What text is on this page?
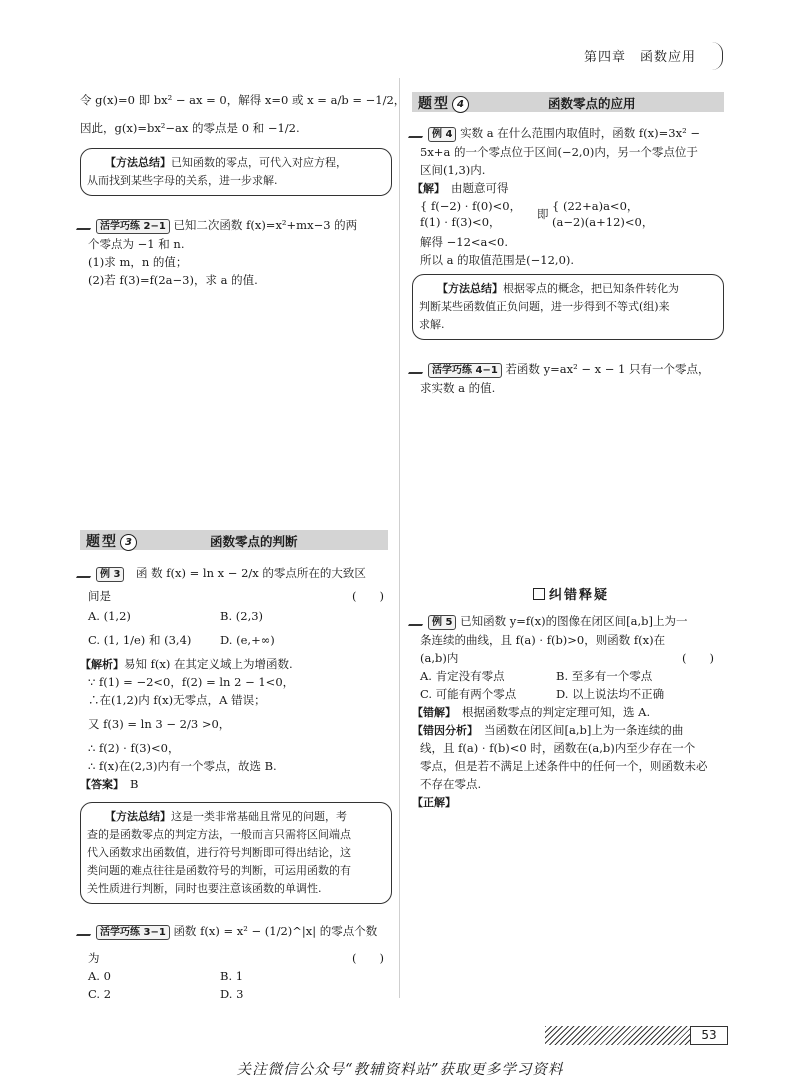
第四章　函数应用
令 g(x)=0 即 bx² − ax = 0，解得 x=0 或 x = a/b = −1/2，
因此，g(x)=bx²−ax 的零点是 0 和 −1/2.
【方法总结】已知函数的零点，可代入对应方程，
从而找到某些字母的关系，进一步求解.
活学巧练 2−1 已知二次函数 f(x)=x²+mx−3 的两
个零点为 −1 和 n.
(1)求 m，n 的值；
(2)若 f(3)=f(2a−3)，求 a 的值.
题型 3	函数零点的判断
例 3　 函 数 f(x) = ln x − 2/x 的零点所在的大致区
间是	(　　)
A. (1,2)	B. (2,3)
C. (1, 1/e) 和 (3,4) D. (e,+∞)
【解析】易知 f(x) 在其定义域上为增函数.
∵ f(1) = −2<0，f(2) = ln 2 − 1<0，
∴在(1,2)内 f(x)无零点，A 错误；
又 f(3) = ln 3 − 2/3 >0，
∴ f(2) · f(3)<0，
∴ f(x)在(2,3)内有一个零点，故选 B.
【答案】　 B
【方法总结】这是一类非常基础且常见的问题，考
查的是函数零点的判定方法，一般而言只需将区间端点
代入函数求出函数值，进行符号判断即可得出结论，这
类问题的难点往往是函数符号的判断，可运用函数的有
关性质进行判断，同时也要注意该函数的单调性.
活学巧练 3−1 函数 f(x) = x² − (1/2)^|x| 的零点个数
为	(　　)
A. 0	B. 1
C. 2	D. 3
题型 4	函数零点的应用
例 4 实数 a 在什么范围内取值时，函数 f(x)=3x² −
5x+a 的一个零点位于区间(−2,0)内，另一个零点位于
区间(1,3)内.
【解】　 由题意可得
{ f(−2) · f(0)<0，
f(1) · f(3)<0，
即
{ (22+a)a<0，
(a−2)(a+12)<0，
解得 −12<a<0.
所以 a 的取值范围是(−12,0).
【方法总结】根据零点的概念，把已知条件转化为
判断某些函数值正负问题，进一步得到不等式(组)来
求解.
活学巧练 4−1 若函数 y=ax² − x − 1 只有一个零点，
求实数 a 的值.
纠错释疑
例 5 已知函数 y=f(x)的图像在闭区间[a,b]上为一
条连续的曲线，且 f(a) · f(b)>0，则函数 f(x)在
(a,b)内	(　　)
A. 肯定没有零点	B. 至多有一个零点
C. 可能有两个零点	D. 以上说法均不正确
【错解】　 根据函数零点的判定定理可知，选 A.
【错因分析】　 当函数在闭区间[a,b]上为一条连续的曲
线，且 f(a) · f(b)<0 时，函数在(a,b)内至少存在一个
零点，但是若不满足上述条件中的任何一个，则函数未必
不存在零点.
【正解】
53
关注微信公众号“教辅资料站”获取更多学习资料
